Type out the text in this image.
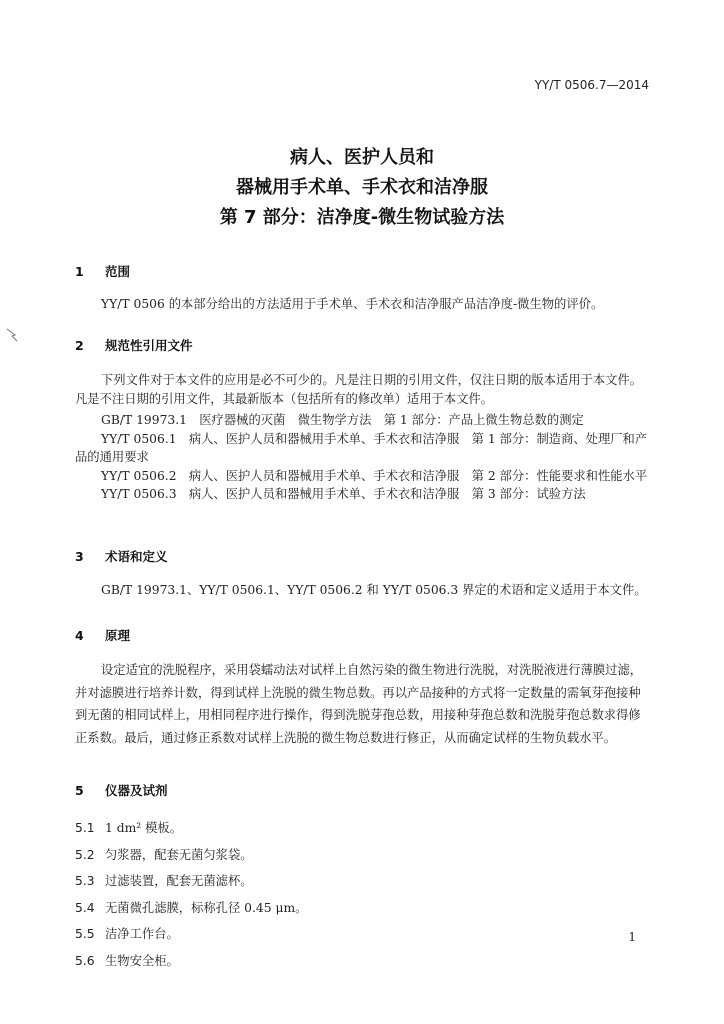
YY/T 0506.7—2014
病人、医护人员和
器械用手术单、手术衣和洁净服
第 7 部分：洁净度-微生物试验方法
1 范围
YY/T 0506 的本部分给出的方法适用于手术单、手术衣和洁净服产品洁净度-微生物的评价。
2 规范性引用文件
下列文件对于本文件的应用是必不可少的。凡是注日期的引用文件，仅注日期的版本适用于本文件。凡是不注日期的引用文件，其最新版本（包括所有的修改单）适用于本文件。
GB/T 19973.1　医疗器械的灭菌　微生物学方法　第 1 部分：产品上微生物总数的测定
YY/T 0506.1　病人、医护人员和器械用手术单、手术衣和洁净服　第 1 部分：制造商、处理厂和产品的通用要求
YY/T 0506.2　病人、医护人员和器械用手术单、手术衣和洁净服　第 2 部分：性能要求和性能水平
YY/T 0506.3　病人、医护人员和器械用手术单、手术衣和洁净服　第 3 部分：试验方法
3 术语和定义
GB/T 19973.1、YY/T 0506.1、YY/T 0506.2 和 YY/T 0506.3 界定的术语和定义适用于本文件。
4 原理
设定适宜的洗脱程序，采用袋蠕动法对试样上自然污染的微生物进行洗脱，对洗脱液进行薄膜过滤，并对滤膜进行培养计数，得到试样上洗脱的微生物总数。再以产品接种的方式将一定数量的需氧芽孢接种到无菌的相同试样上，用相同程序进行操作，得到洗脱芽孢总数，用接种芽孢总数和洗脱芽孢总数求得修正系数。最后，通过修正系数对试样上洗脱的微生物总数进行修正，从而确定试样的生物负载水平。
5 仪器及试剂
5.1 1 dm² 模板。
5.2 匀浆器，配套无菌匀浆袋。
5.3 过滤装置，配套无菌滤杯。
5.4 无菌微孔滤膜，标称孔径 0.45 μm。
5.5 洁净工作台。
5.6 生物安全柜。
1
